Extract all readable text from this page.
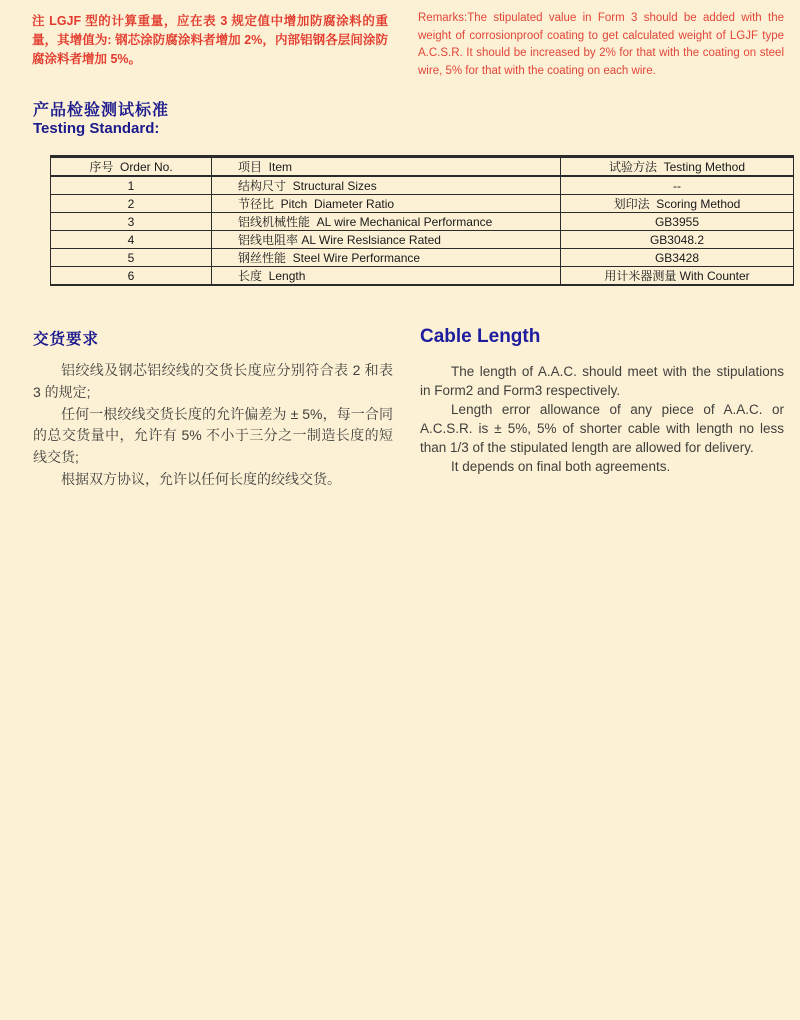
注 LGJF 型的计算重量，应在表 3 规定值中增加防腐涂料的重量，其增值为: 钢芯涂防腐涂料者增加 2%，内部铝钢各层间涂防腐涂料者增加 5%。
Remarks:The stipulated value in Form 3 should be added with the weight of corrosionproof coating to get calculated weight of LGJF type A.C.S.R. It should be increased by 2% for that with the coating on steel wire, 5% for that with the coating on each wire.
产品检验测试标准
Testing Standard:
序号  Order No.	项目  Item	试验方法  Testing Method
1	结构尺寸  Structural Sizes	--
2	节径比  Pitch  Diameter Ratio	划印法  Scoring Method
3	铝线机械性能  AL wire Mechanical Performance	GB3955
4	铝线电阻率 AL Wire Reslsiance Rated	GB3048.2
5	钢丝性能  Steel Wire Performance	GB3428
6	长度  Length	用计米器测量 With Counter
交货要求

铝绞线及钢芯铝绞线的交货长度应分别符合表 2 和表 3 的规定;

任何一根绞线交货长度的允许偏差为 ± 5%，每一合同的总交货量中，允许有 5% 不小于三分之一制造长度的短线交货;

根据双方协议，允许以任何长度的绞线交货。

Cable Length

The length of A.A.C. should meet with the stipulations in Form2 and Form3 respectively.

Length error allowance of any piece of A.A.C. or A.C.S.R. is ± 5%, 5% of shorter cable with length no less than 1/3 of the stipulated length are allowed for delivery.

It depends on final both agreements.
